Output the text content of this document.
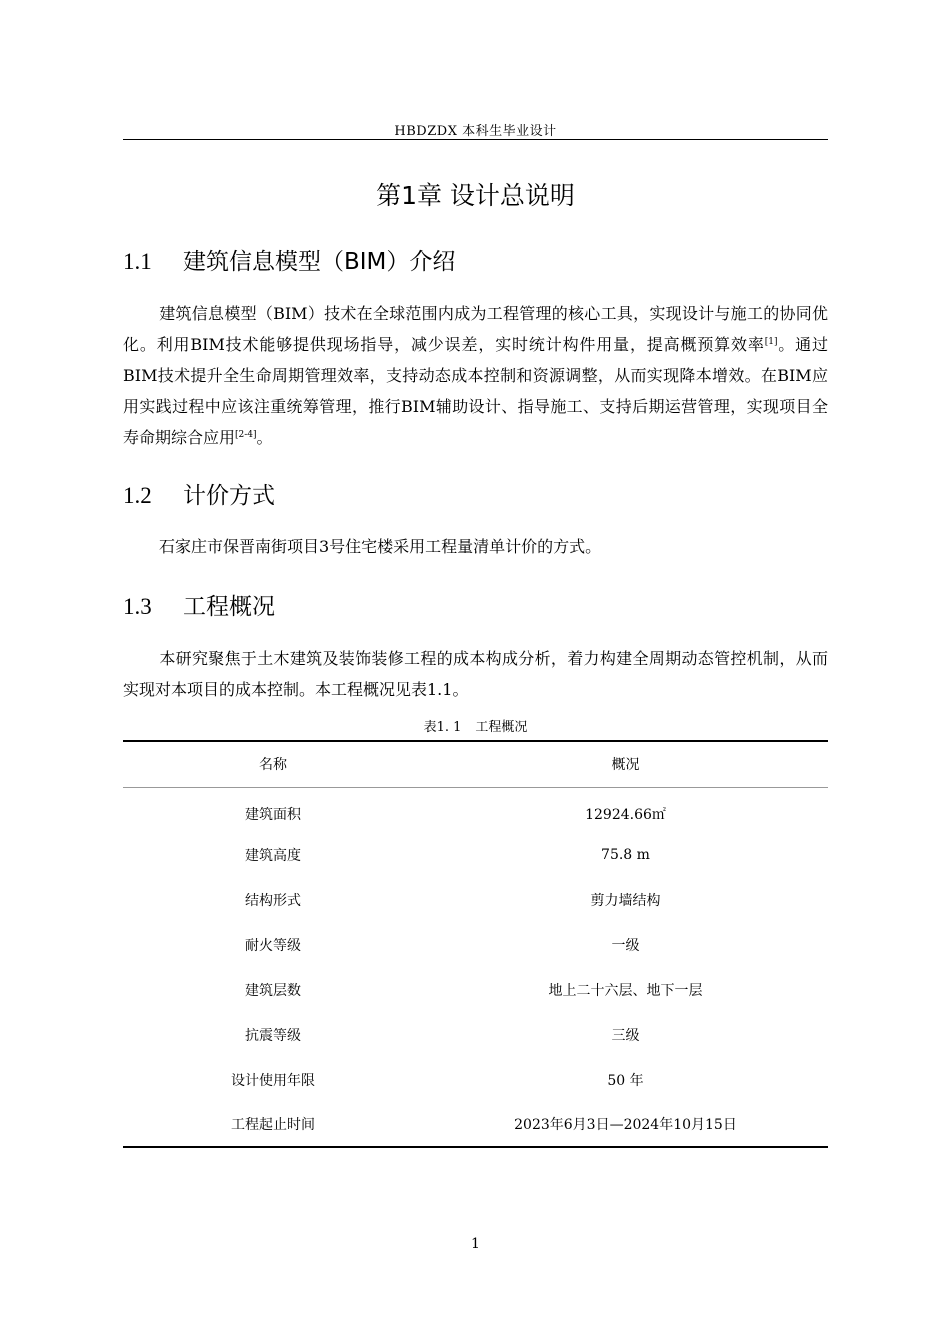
HBDZDX 本科生毕业设计
第1章 设计总说明
1.1 建筑信息模型（BIM）介绍
建筑信息模型（BIM）技术在全球范围内成为工程管理的核心工具，实现设计与施工的协同优化。利用BIM技术能够提供现场指导，减少误差，实时统计构件用量，提高概预算效率[1]。通过BIM技术提升全生命周期管理效率，支持动态成本控制和资源调整，从而实现降本增效。在BIM应用实践过程中应该注重统筹管理，推行BIM辅助设计、指导施工、支持后期运营管理，实现项目全寿命期综合应用[2-4]。
1.2 计价方式
石家庄市保晋南街项目3号住宅楼采用工程量清单计价的方式。
1.3 工程概况
本研究聚焦于土木建筑及装饰装修工程的成本构成分析，着力构建全周期动态管控机制，从而实现对本项目的成本控制。本工程概况见表1.1。
表1. 1 工程概况
名称	概况
建筑面积	12924.66㎡
建筑高度	75.8 m
结构形式	剪力墙结构
耐火等级	一级
建筑层数	地上二十六层、地下一层
抗震等级	三级
设计使用年限	50 年
工程起止时间	2023年6月3日—2024年10月15日
1
